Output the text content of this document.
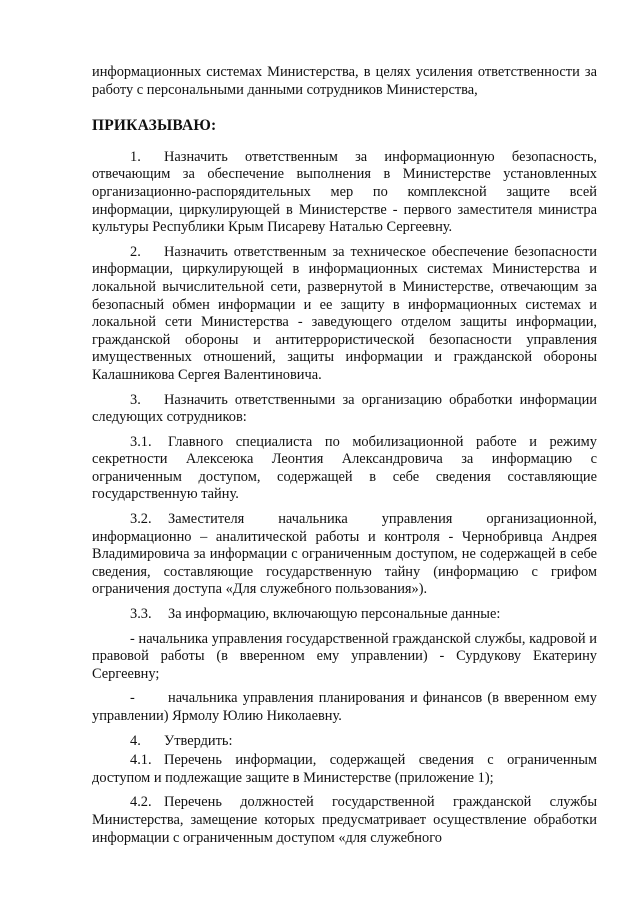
информационных системах Министерства, в целях усиления ответственности за работу с персональными данными сотрудников Министерства,

ПРИКАЗЫВАЮ:

1. Назначить ответственным за информационную безопасность, отвечающим за обеспечение выполнения в Министерстве установленных организационно-распорядительных мер по комплексной защите всей информации, циркулирующей в Министерстве - первого заместителя министра культуры Республики Крым Писареву Наталью Сергеевну.

2. Назначить ответственным за техническое обеспечение безопасности информации, циркулирующей в информационных системах Министерства и локальной вычислительной сети, развернутой в Министерстве, отвечающим за безопасный обмен информации и ее защиту в информационных системах и локальной сети Министерства - заведующего отделом защиты информации, гражданской обороны и антитеррористической безопасности управления имущественных отношений, защиты информации и гражданской обороны Калашникова Сергея Валентиновича.

3. Назначить ответственными за организацию обработки информации следующих сотрудников:

3.1. Главного специалиста по мобилизационной работе и режиму секретности Алексеюка Леонтия Александровича за информацию с ограниченным доступом, содержащей в себе сведения составляющие государственную тайну.

3.2. Заместителя начальника управления организационной, информационно – аналитической работы и контроля - Чернобривца Андрея Владимировича за информации с ограниченным доступом, не содержащей в себе сведения, составляющие государственную тайну (информацию с грифом ограничения доступа «Для служебного пользования»).

3.3. За информацию, включающую персональные данные:

- начальника управления государственной гражданской службы, кадровой и правовой работы (в вверенном ему управлении) - Сурдукову Екатерину Сергеевну;

- начальника управления планирования и финансов (в вверенном ему управлении) Ярмолу Юлию Николаевну.

4. Утвердить:

4.1. Перечень информации, содержащей сведения с ограниченным доступом и подлежащие защите в Министерстве (приложение 1);

4.2. Перечень должностей государственной гражданской службы Министерства, замещение которых предусматривает осуществление обработки информации с ограниченным доступом «для служебного
